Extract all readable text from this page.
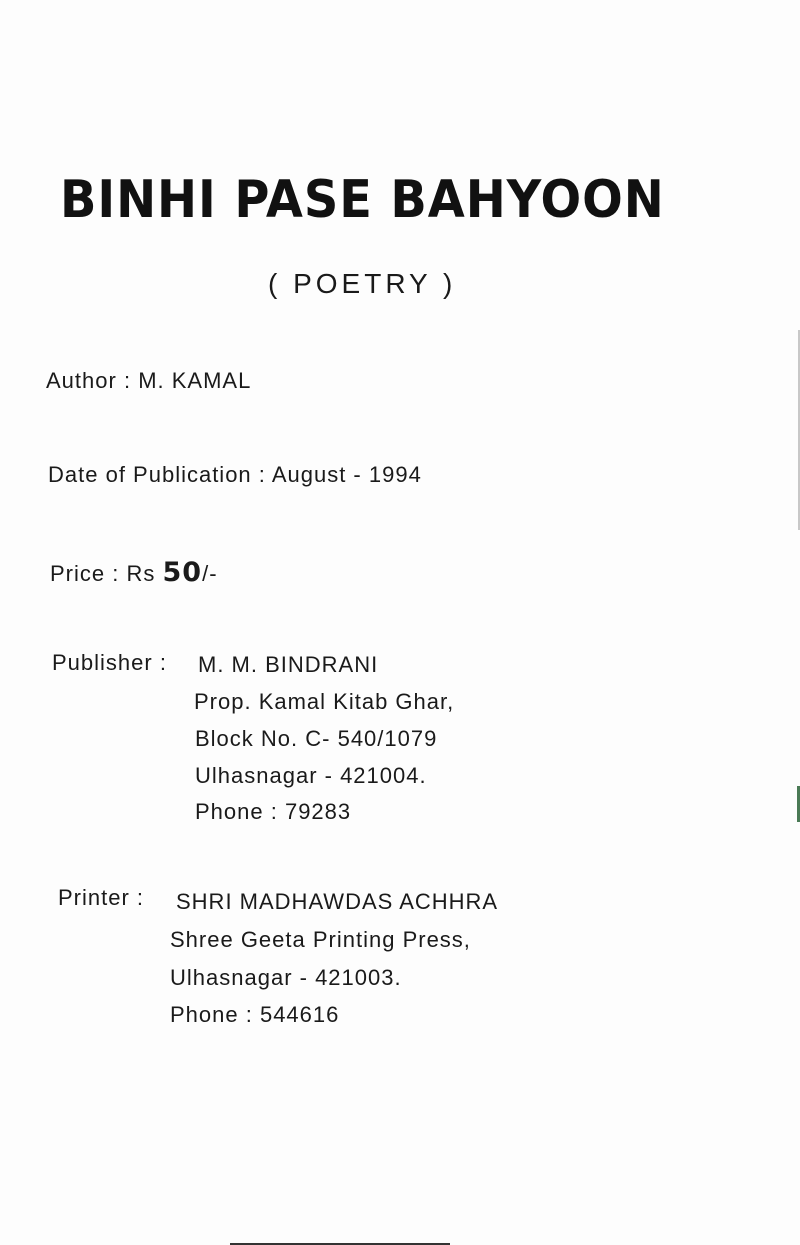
BINHI PASE BAHYOON
( POETRY )
Author : M. KAMAL
Date of Publication : August - 1994
Price : Rs 50/-
Publisher : M. M. BINDRANI
Prop. Kamal Kitab Ghar,
Block No. C- 540/1079
Ulhasnagar - 421004.
Phone : 79283
Printer : SHRI MADHAWDAS ACHHRA
Shree Geeta Printing Press,
Ulhasnagar - 421003.
Phone : 544616
